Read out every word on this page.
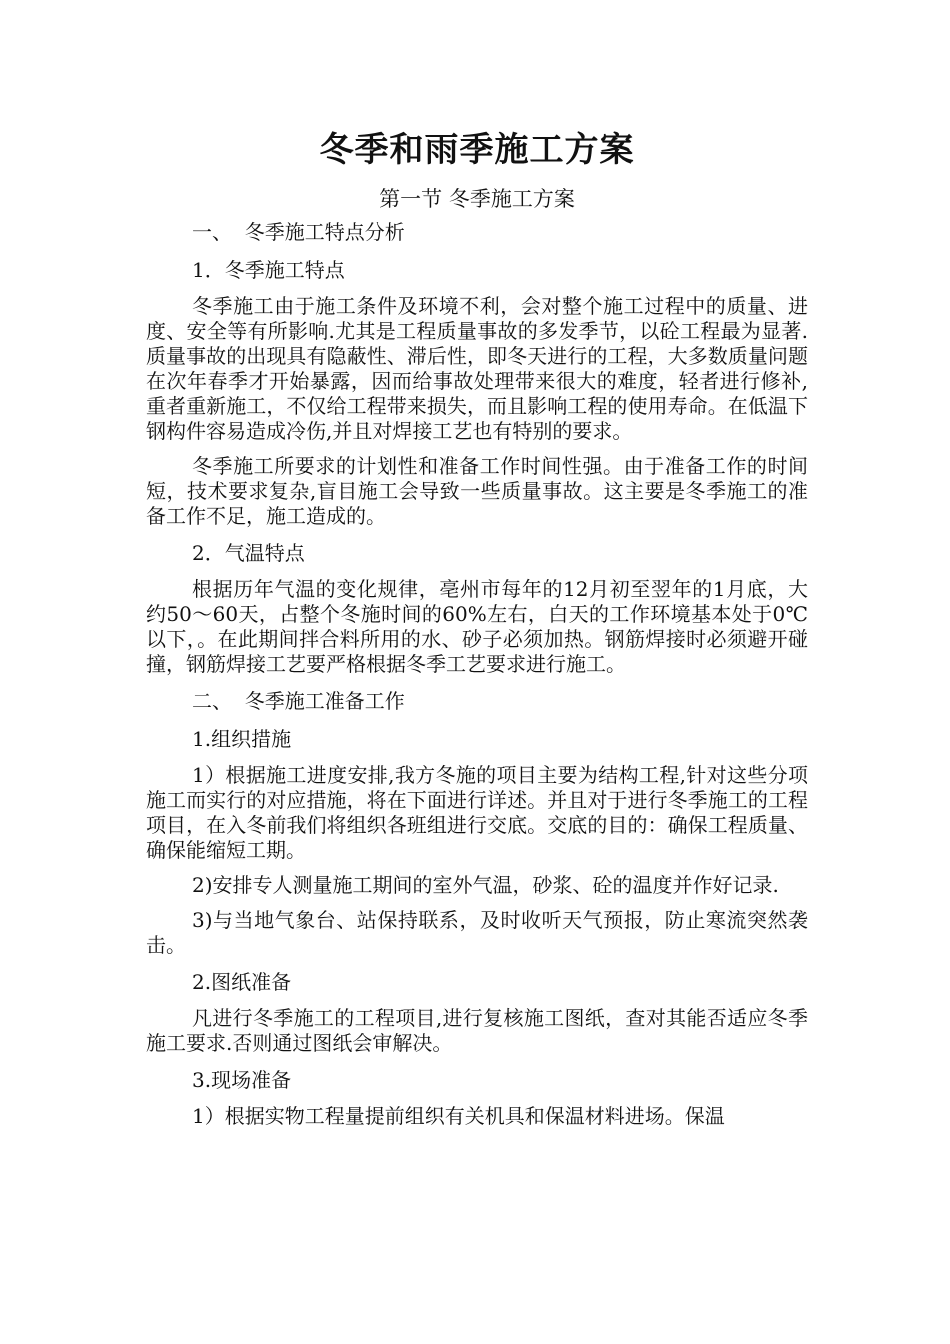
冬季和雨季施工方案
第一节 冬季施工方案
一、  冬季施工特点分析
1．冬季施工特点
冬季施工由于施工条件及环境不利，会对整个施工过程中的质量、进度、安全等有所影响.尤其是工程质量事故的多发季节，以砼工程最为显著.质量事故的出现具有隐蔽性、滞后性，即冬天进行的工程，大多数质量问题在次年春季才开始暴露，因而给事故处理带来很大的难度，轻者进行修补,重者重新施工，不仅给工程带来损失，而且影响工程的使用寿命。在低温下钢构件容易造成冷伤,并且对焊接工艺也有特别的要求。
冬季施工所要求的计划性和准备工作时间性强。由于准备工作的时间短，技术要求复杂,盲目施工会导致一些质量事故。这主要是冬季施工的准备工作不足，施工造成的。
2．气温特点
根据历年气温的变化规律，亳州市每年的12月初至翌年的1月底，大约50～60天，占整个冬施时间的60%左右，白天的工作环境基本处于0℃以下，。在此期间拌合料所用的水、砂子必须加热。钢筋焊接时必须避开碰撞，钢筋焊接工艺要严格根据冬季工艺要求进行施工。
二、  冬季施工准备工作
1.组织措施
1）根据施工进度安排,我方冬施的项目主要为结构工程,针对这些分项施工而实行的对应措施，将在下面进行详述。并且对于进行冬季施工的工程项目，在入冬前我们将组织各班组进行交底。交底的目的：确保工程质量、确保能缩短工期。
2)安排专人测量施工期间的室外气温，砂浆、砼的温度并作好记录.
3)与当地气象台、站保持联系，及时收听天气预报，防止寒流突然袭击。
2.图纸准备
凡进行冬季施工的工程项目,进行复核施工图纸，查对其能否适应冬季施工要求.否则通过图纸会审解决。
3.现场准备
1）根据实物工程量提前组织有关机具和保温材料进场。保温
